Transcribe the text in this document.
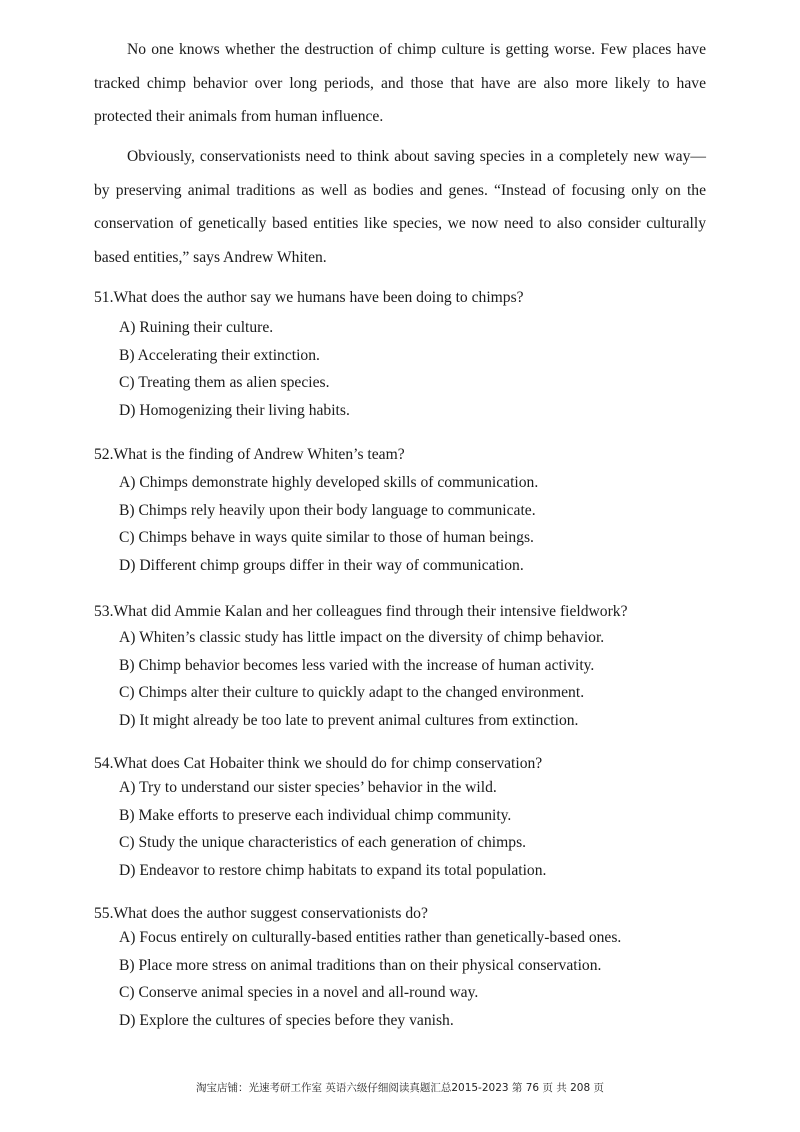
No one knows whether the destruction of chimp culture is getting worse. Few places have tracked chimp behavior over long periods, and those that have are also more likely to have protected their animals from human influence.

Obviously, conservationists need to think about saving species in a completely new way—by preserving animal traditions as well as bodies and genes. “Instead of focusing only on the conservation of genetically based entities like species, we now need to also consider culturally based entities,” says Andrew Whiten.

51.What does the author say we humans have been doing to chimps?

A) Ruining their culture.
B) Accelerating their extinction.
C) Treating them as alien species.
D) Homogenizing their living habits.

52.What is the finding of Andrew Whiten’s team?

A) Chimps demonstrate highly developed skills of communication.
B) Chimps rely heavily upon their body language to communicate.
C) Chimps behave in ways quite similar to those of human beings.
D) Different chimp groups differ in their way of communication.

53.What did Ammie Kalan and her colleagues find through their intensive fieldwork?

A) Whiten’s classic study has little impact on the diversity of chimp behavior.
B) Chimp behavior becomes less varied with the increase of human activity.
C) Chimps alter their culture to quickly adapt to the changed environment.
D) It might already be too late to prevent animal cultures from extinction.

54.What does Cat Hobaiter think we should do for chimp conservation?

A) Try to understand our sister species’ behavior in the wild.
B) Make efforts to preserve each individual chimp community.
C) Study the unique characteristics of each generation of chimps.
D) Endeavor to restore chimp habitats to expand its total population.

55.What does the author suggest conservationists do?

A) Focus entirely on culturally-based entities rather than genetically-based ones.
B) Place more stress on animal traditions than on their physical conservation.
C) Conserve animal species in a novel and all-round way.
D) Explore the cultures of species before they vanish.
淘宝店铺：光速考研工作室 英语六级仔细阅读真题汇总2015-2023 第 76 页 共 208 页
